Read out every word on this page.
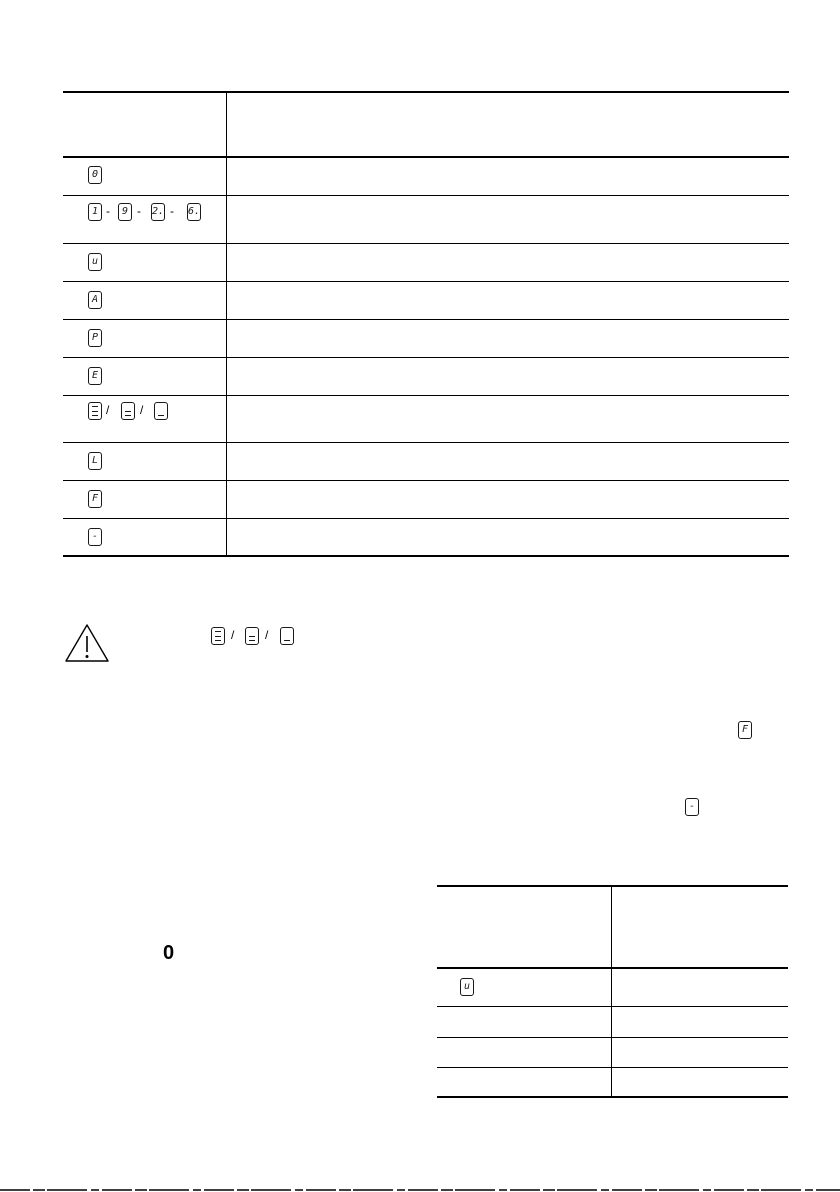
0
1 -	9 - 2. - 6.
u
A
P
E
/	/
L
F
-
/	/
F
-
0
u
